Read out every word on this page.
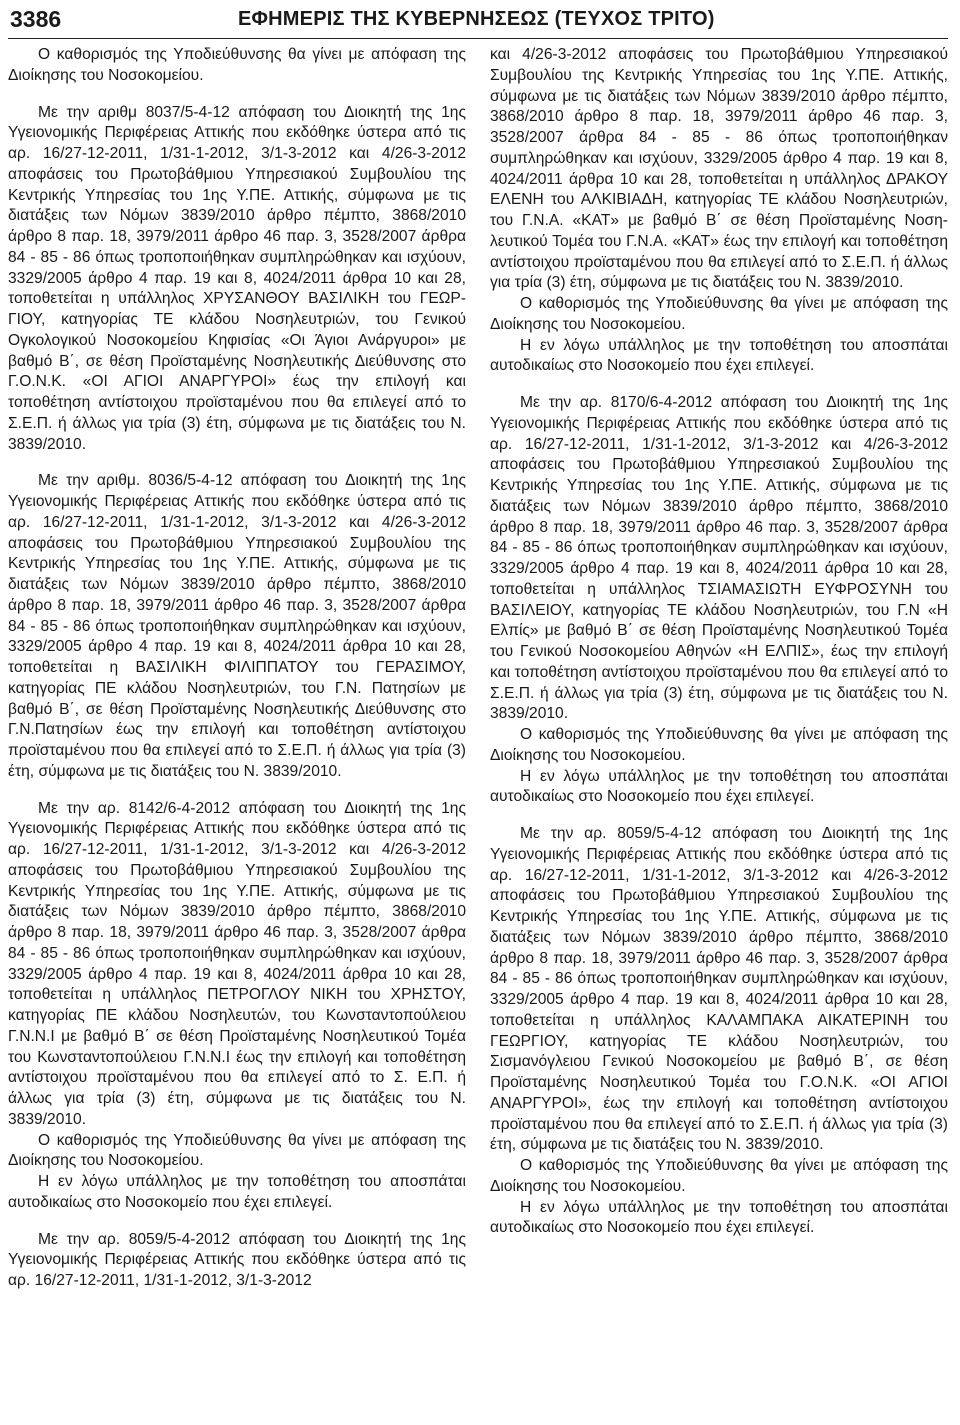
3386	ΕΦΗΜΕΡΙΣ ΤΗΣ ΚΥΒΕΡΝΗΣΕΩΣ (ΤΕΥΧΟΣ ΤΡΙΤΟ)

Ο καθορισμός της Υποδιεύθυνσης θα γίνει με απόφαση της Διοίκησης του Νοσοκομείου.

Με την αριθμ 8037/5-4-12 απόφαση του Διοικητή της 1ης Υγειονομικής Περιφέρειας Αττικής που εκδόθηκε ύστερα από τις αρ. 16/27-12-2011, 1/31-1-2012, 3/1-3-2012 και 4/26-3-2012 αποφάσεις του Πρωτοβάθμιου Υπηρεσιακού Συμβουλίου της Κεντρικής Υπηρεσίας του 1ης Υ.ΠΕ. Αττικής, σύμφωνα με τις διατάξεις των Νόμων 3839/2010 άρθρο πέμπτο, 3868/2010 άρθρο 8 παρ. 18, 3979/2011 άρθρο 46 παρ. 3, 3528/2007 άρθρα 84 - 85 - 86 όπως τροποποιήθηκαν συμπληρώθηκαν και ισχύουν, 3329/2005 άρθρο 4 παρ. 19 και 8, 4024/2011 άρθρα 10 και 28, τοποθετείται η υπάλληλος ΧΡΥΣΑΝΘΟΥ ΒΑΣΙΛΙΚΗ του ΓΕΩΡΓΙΟΥ, κατηγορίας ΤΕ κλάδου Νοσηλευτριών, του Γενικού Ογκολογικού Νοσοκομείου Κηφισίας «Οι Άγιοι Ανάργυροι» με βαθμό Β΄, σε θέση Προϊσταμένης Νοσηλευτικής Διεύθυνσης στο Γ.Ο.Ν.Κ. «ΟΙ ΑΓΙΟΙ ΑΝΑΡΓΥΡΟΙ» έως την επιλογή και τοποθέτηση αντίστοιχου προϊσταμένου που θα επιλεγεί από το Σ.Ε.Π. ή άλλως για τρία (3) έτη, σύμφωνα με τις διατάξεις του Ν. 3839/2010.

Με την αριθμ. 8036/5-4-12 απόφαση του Διοικητή της 1ης Υγειονομικής Περιφέρειας Αττικής που εκδόθηκε ύστερα από τις αρ. 16/27-12-2011, 1/31-1-2012, 3/1-3-2012 και 4/26-3-2012 αποφάσεις του Πρωτοβάθμιου Υπηρεσιακού Συμβουλίου της Κεντρικής Υπηρεσίας του 1ης Υ.ΠΕ. Αττικής, σύμφωνα με τις διατάξεις των Νόμων 3839/2010 άρθρο πέμπτο, 3868/2010 άρθρο 8 παρ. 18, 3979/2011 άρθρο 46 παρ. 3, 3528/2007 άρθρα 84 - 85 - 86 όπως τροποποιήθηκαν συμπληρώθηκαν και ισχύουν, 3329/2005 άρθρο 4 παρ. 19 και 8, 4024/2011 άρθρα 10 και 28, τοποθετείται η ΒΑΣΙΛΙΚΗ ΦΙΛΙΠΠΑΤΟΥ του ΓΕΡΑΣΙΜΟΥ, κατηγορίας ΠΕ κλάδου Νοσηλευτριών, του Γ.Ν. Πατησίων με βαθμό Β΄, σε θέση Προϊσταμένης Νοσηλευτικής Διεύθυνσης στο Γ.Ν.Πατησίων έως την επιλογή και τοποθέτηση αντίστοιχου προϊσταμένου που θα επιλεγεί από το Σ.Ε.Π. ή άλλως για τρία (3) έτη, σύμφωνα με τις διατάξεις του Ν. 3839/2010.

Με την αρ. 8142/6-4-2012 απόφαση του Διοικητή της 1ης Υγειονομικής Περιφέρειας Αττικής που εκδόθηκε ύστερα από τις αρ. 16/27-12-2011, 1/31-1-2012, 3/1-3-2012 και 4/26-3-2012 αποφάσεις του Πρωτοβάθμιου Υπηρεσιακού Συμβουλίου της Κεντρικής Υπηρεσίας του 1ης Υ.ΠΕ. Αττικής, σύμφωνα με τις διατάξεις των Νόμων 3839/2010 άρθρο πέμπτο, 3868/2010 άρθρο 8 παρ. 18, 3979/2011 άρθρο 46 παρ. 3, 3528/2007 άρθρα 84 - 85 - 86 όπως τροποποιήθηκαν συμπληρώθηκαν και ισχύουν, 3329/2005 άρθρο 4 παρ. 19 και 8, 4024/2011 άρθρα 10 και 28, τοποθετείται η υπάλληλος ΠΕΤΡΟΓΛΟΥ ΝΙΚΗ του ΧΡΗΣΤΟΥ, κατηγορίας ΠΕ κλάδου Νοσηλευτών, του Κωνσταντοπούλειου Γ.Ν.Ν.Ι με βαθμό Β΄ σε θέση Προϊσταμένης Νοσηλευτικού Τομέα του Κωνσταντοπούλειου Γ.Ν.Ν.Ι έως την επιλογή και τοποθέτηση αντίστοιχου προϊσταμένου που θα επιλεγεί από το Σ. Ε.Π. ή άλλως για τρία (3) έτη, σύμφωνα με τις διατάξεις του Ν. 3839/2010.

Ο καθορισμός της Υποδιεύθυνσης θα γίνει με απόφαση της Διοίκησης του Νοσοκομείου.

Η εν λόγω υπάλληλος με την τοποθέτηση του αποσπάται αυτοδικαίως στο Νοσοκομείο που έχει επιλεγεί.

Με την αρ. 8059/5-4-2012 απόφαση του Διοικητή της 1ης Υγειονομικής Περιφέρειας Αττικής που εκδόθηκε ύστερα από τις αρ. 16/27-12-2011, 1/31-1-2012, 3/1-3-2012

και 4/26-3-2012 αποφάσεις του Πρωτοβάθμιου Υπηρεσιακού Συμβουλίου της Κεντρικής Υπηρεσίας του 1ης Υ.ΠΕ. Αττικής, σύμφωνα με τις διατάξεις των Νόμων 3839/2010 άρθρο πέμπτο, 3868/2010 άρθρο 8 παρ. 18, 3979/2011 άρθρο 46 παρ. 3, 3528/2007 άρθρα 84 - 85 - 86 όπως τροποποιήθηκαν συμπληρώθηκαν και ισχύουν, 3329/2005 άρθρο 4 παρ. 19 και 8, 4024/2011 άρθρα 10 και 28, τοποθετείται η υπάλληλος ΔΡΑΚΟΥ ΕΛΕΝΗ του ΑΛΚΙΒΙΑΔΗ, κατηγορίας ΤΕ κλάδου Νοσηλευτριών, του Γ.Ν.Α. «ΚΑΤ» με βαθμό Β΄ σε θέση Προϊσταμένης Νοσηλευτικού Τομέα του Γ.Ν.Α. «ΚΑΤ» έως την επιλογή και τοποθέτηση αντίστοιχου προϊσταμένου που θα επιλεγεί από το Σ.Ε.Π. ή άλλως για τρία (3) έτη, σύμφωνα με τις διατάξεις του Ν. 3839/2010.

Ο καθορισμός της Υποδιεύθυνσης θα γίνει με απόφαση της Διοίκησης του Νοσοκομείου.

Η εν λόγω υπάλληλος με την τοποθέτηση του αποσπάται αυτοδικαίως στο Νοσοκομείο που έχει επιλεγεί.

Με την αρ. 8170/6-4-2012 απόφαση του Διοικητή της 1ης Υγειονομικής Περιφέρειας Αττικής που εκδόθηκε ύστερα από τις αρ. 16/27-12-2011, 1/31-1-2012, 3/1-3-2012 και 4/26-3-2012 αποφάσεις του Πρωτοβάθμιου Υπηρεσιακού Συμβουλίου της Κεντρικής Υπηρεσίας του 1ης Υ.ΠΕ. Αττικής, σύμφωνα με τις διατάξεις των Νόμων 3839/2010 άρθρο πέμπτο, 3868/2010 άρθρο 8 παρ. 18, 3979/2011 άρθρο 46 παρ. 3, 3528/2007 άρθρα 84 - 85 - 86 όπως τροποποιήθηκαν συμπληρώθηκαν και ισχύουν, 3329/2005 άρθρο 4 παρ. 19 και 8, 4024/2011 άρθρα 10 και 28, τοποθετείται η υπάλληλος ΤΣΙΑΜΑΣΙΩΤΗ ΕΥΦΡΟΣΥΝΗ του ΒΑΣΙΛΕΙΟΥ, κατηγορίας ΤΕ κλάδου Νοσηλευτριών, του Γ.Ν «Η Ελπίς» με βαθμό Β΄ σε θέση Προϊσταμένης Νοσηλευτικού Τομέα του Γενικού Νοσοκομείου Αθηνών «Η ΕΛΠΙΣ», έως την επιλογή και τοποθέτηση αντίστοιχου προϊσταμένου που θα επιλεγεί από το Σ.Ε.Π. ή άλλως για τρία (3) έτη, σύμφωνα με τις διατάξεις του Ν. 3839/2010.

Ο καθορισμός της Υποδιεύθυνσης θα γίνει με απόφαση της Διοίκησης του Νοσοκομείου.

Η εν λόγω υπάλληλος με την τοποθέτηση του αποσπάται αυτοδικαίως στο Νοσοκομείο που έχει επιλεγεί.

Με την αρ. 8059/5-4-12 απόφαση του Διοικητή της 1ης Υγειονομικής Περιφέρειας Αττικής που εκδόθηκε ύστερα από τις αρ. 16/27-12-2011, 1/31-1-2012, 3/1-3-2012 και 4/26-3-2012 αποφάσεις του Πρωτοβάθμιου Υπηρεσιακού Συμβουλίου της Κεντρικής Υπηρεσίας του 1ης Υ.ΠΕ. Αττικής, σύμφωνα με τις διατάξεις των Νόμων 3839/2010 άρθρο πέμπτο, 3868/2010 άρθρο 8 παρ. 18, 3979/2011 άρθρο 46 παρ. 3, 3528/2007 άρθρα 84 - 85 - 86 όπως τροποποιήθηκαν συμπληρώθηκαν και ισχύουν, 3329/2005 άρθρο 4 παρ. 19 και 8, 4024/2011 άρθρα 10 και 28, τοποθετείται η υπάλληλος ΚΑΛΑΜΠΑΚΑ ΑΙΚΑΤΕΡΙΝΗ του ΓΕΩΡΓΙΟΥ, κατηγορίας ΤΕ κλάδου Νοσηλευτριών, του Σισμανόγλειου Γενικού Νοσοκομείου με βαθμό Β΄, σε θέση Προϊσταμένης Νοσηλευτικού Τομέα του Γ.Ο.Ν.Κ. «ΟΙ ΑΓΙΟΙ ΑΝΑΡΓΥΡΟΙ», έως την επιλογή και τοποθέτηση αντίστοιχου προϊσταμένου που θα επιλεγεί από το Σ.Ε.Π. ή άλλως για τρία (3) έτη, σύμφωνα με τις διατάξεις του Ν. 3839/2010.

Ο καθορισμός της Υποδιεύθυνσης θα γίνει με απόφαση της Διοίκησης του Νοσοκομείου.

Η εν λόγω υπάλληλος με την τοποθέτηση του αποσπάται αυτοδικαίως στο Νοσοκομείο που έχει επιλεγεί.
